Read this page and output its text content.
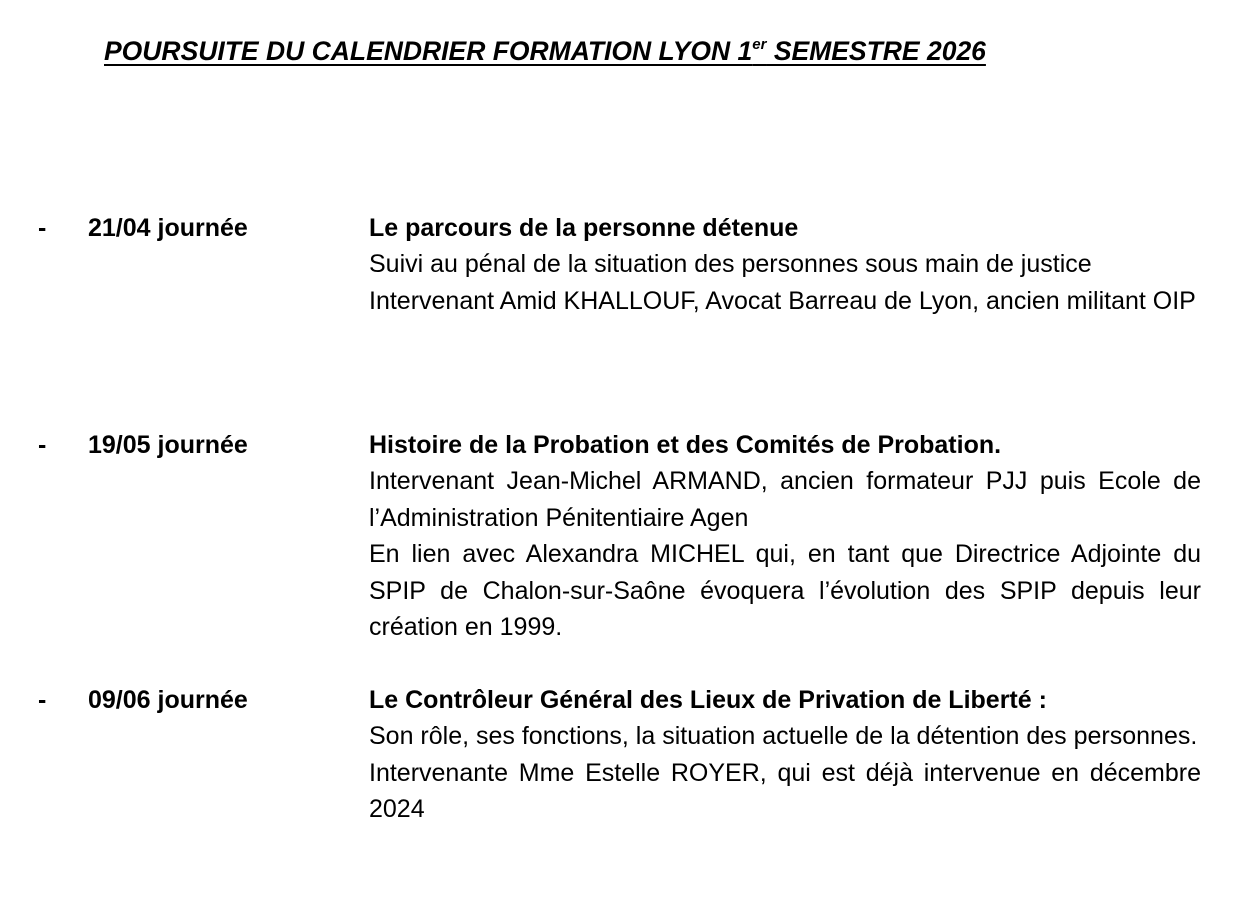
POURSUITE DU CALENDRIER FORMATION LYON 1er SEMESTRE 2026
- 21/04 journée	Le parcours de la personne détenue
Suivi au pénal de la situation des personnes sous main de justice
Intervenant Amid KHALLOUF, Avocat Barreau de Lyon, ancien militant OIP
- 19/05 journée	Histoire de la Probation et des Comités de Probation.
Intervenant Jean-Michel ARMAND, ancien formateur PJJ puis Ecole de l’Administration Pénitentiaire Agen
En lien avec Alexandra MICHEL qui, en tant que Directrice Adjointe du SPIP de Chalon-sur-Saône évoquera l’évolution des SPIP depuis leur création en 1999.
- 09/06 journée	Le Contrôleur Général des Lieux de Privation de Liberté :
Son rôle, ses fonctions, la situation actuelle de la détention des personnes.
Intervenante Mme Estelle ROYER, qui est déjà intervenue en décembre 2024
